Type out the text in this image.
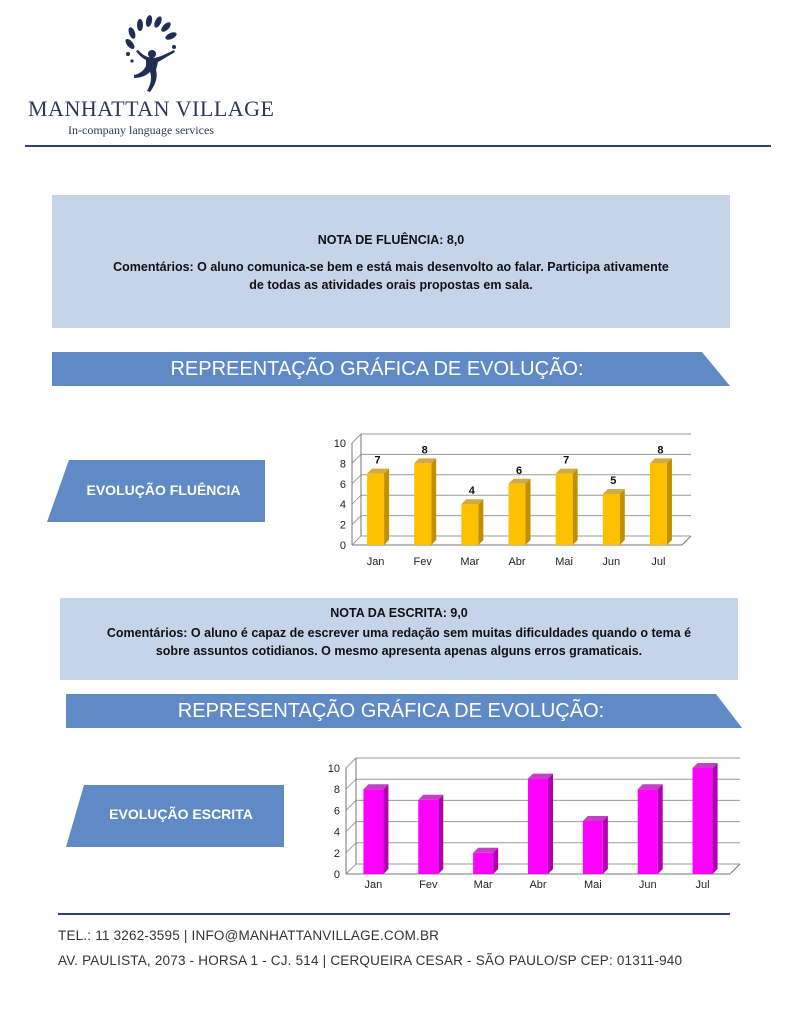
MANHATTAN VILLAGE
In-company language services
NOTA DE FLUÊNCIA: 8,0
Comentários: O aluno comunica-se bem e está mais desenvolto ao falar. Participa ativamente de todas as atividades orais propostas em sala.
REPREENTAÇÃO GRÁFICA DE EVOLUÇÃO:
EVOLUÇÃO FLUÊNCIA
0
2
4
6
8
10
Jan
7
Fev
8
Mar
4
Abr
6
Mai
7
Jun
5
Jul
8
NOTA DA ESCRITA: 9,0
Comentários: O aluno é capaz de escrever uma redação sem muitas dificuldades quando o tema é sobre assuntos cotidianos. O mesmo apresenta apenas alguns erros gramaticais.
REPRESENTAÇÃO GRÁFICA DE EVOLUÇÃO:
EVOLUÇÃO ESCRITA
0
2
4
6
8
10
Jan	Fev	Mar	Abr	Mai	Jun	Jul
TEL.: 11 3262-3595 | INFO@MANHATTANVILLAGE.COM.BR
AV. PAULISTA, 2073 - HORSA 1 - CJ. 514 | CERQUEIRA CESAR - SÃO PAULO/SP CEP: 01311-940
